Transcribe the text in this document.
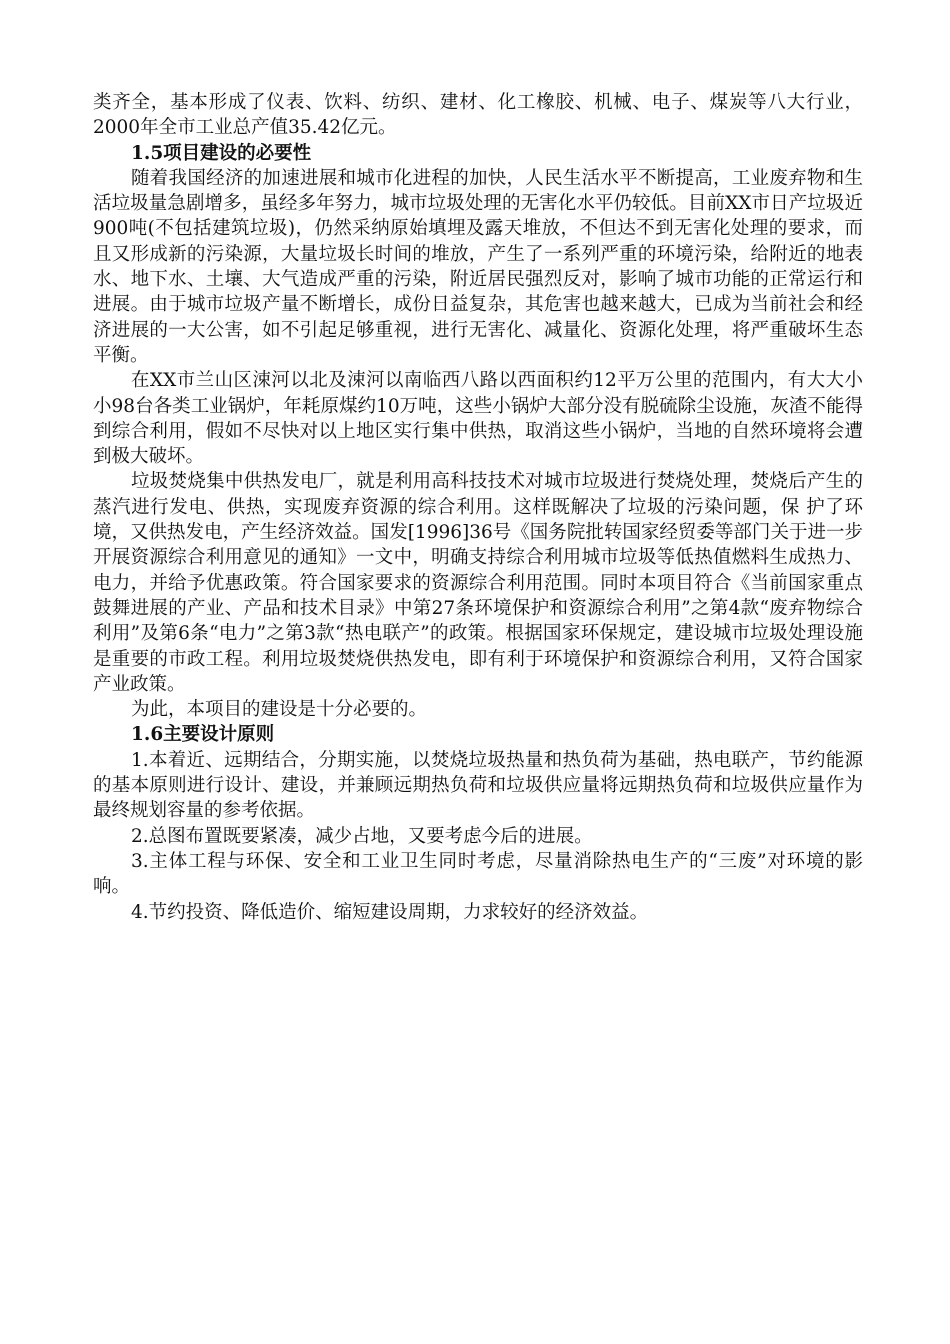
类齐全，基本形成了仪表、饮料、纺织、建材、化工橡胶、机械、电子、煤炭等八大行业，2000年全市工业总产值35.42亿元。

1.5项目建设的必要性

随着我国经济的加速进展和城市化进程的加快，人民生活水平不断提高，工业废弃物和生活垃圾量急剧增多，虽经多年努力，城市垃圾处理的无害化水平仍较低。目前XX市日产垃圾近900吨(不包括建筑垃圾)，仍然采纳原始填埋及露天堆放，不但达不到无害化处理的要求，而且又形成新的污染源，大量垃圾长时间的堆放，产生了一系列严重的环境污染，给附近的地表水、地下水、土壤、大气造成严重的污染，附近居民强烈反对，影响了城市功能的正常运行和进展。由于城市垃圾产量不断增长，成份日益复杂，其危害也越来越大，已成为当前社会和经济进展的一大公害，如不引起足够重视，进行无害化、减量化、资源化处理，将严重破坏生态平衡。

在XX市兰山区涑河以北及涑河以南临西八路以西面积约12平万公里的范围内，有大大小小98台各类工业锅炉，年耗原煤约10万吨，这些小锅炉大部分没有脱硫除尘设施，灰渣不能得到综合利用，假如不尽快对以上地区实行集中供热，取消这些小锅炉，当地的自然环境将会遭到极大破坏。

垃圾焚烧集中供热发电厂，就是利用高科技技术对城市垃圾进行焚烧处理，焚烧后产生的蒸汽进行发电、供热，实现废弃资源的综合利用。这样既解决了垃圾的污染问题，保 护了环境，又供热发电，产生经济效益。国发[1996]36号《国务院批转国家经贸委等部门关于进一步开展资源综合利用意见的通知》一文中，明确支持综合利用城市垃圾等低热值燃料生成热力、电力，并给予优惠政策。符合国家要求的资源综合利用范围。同时本项目符合《当前国家重点鼓舞进展的产业、产品和技术目录》中第27条环境保护和资源综合利用”之第4款“废弃物综合利用”及第6条“电力”之第3款“热电联产”的政策。根据国家环保规定，建设城市垃圾处理设施是重要的市政工程。利用垃圾焚烧供热发电，即有利于环境保护和资源综合利用，又符合国家产业政策。

为此，本项目的建设是十分必要的。

1.6主要设计原则

1.本着近、远期结合，分期实施，以焚烧垃圾热量和热负荷为基础，热电联产，节约能源的基本原则进行设计、建设，并兼顾远期热负荷和垃圾供应量将远期热负荷和垃圾供应量作为最终规划容量的参考依据。

2.总图布置既要紧凑，减少占地，又要考虑今后的进展。

3.主体工程与环保、安全和工业卫生同时考虑，尽量消除热电生产的“三废”对环境的影响。

4.节约投资、降低造价、缩短建设周期，力求较好的经济效益。
